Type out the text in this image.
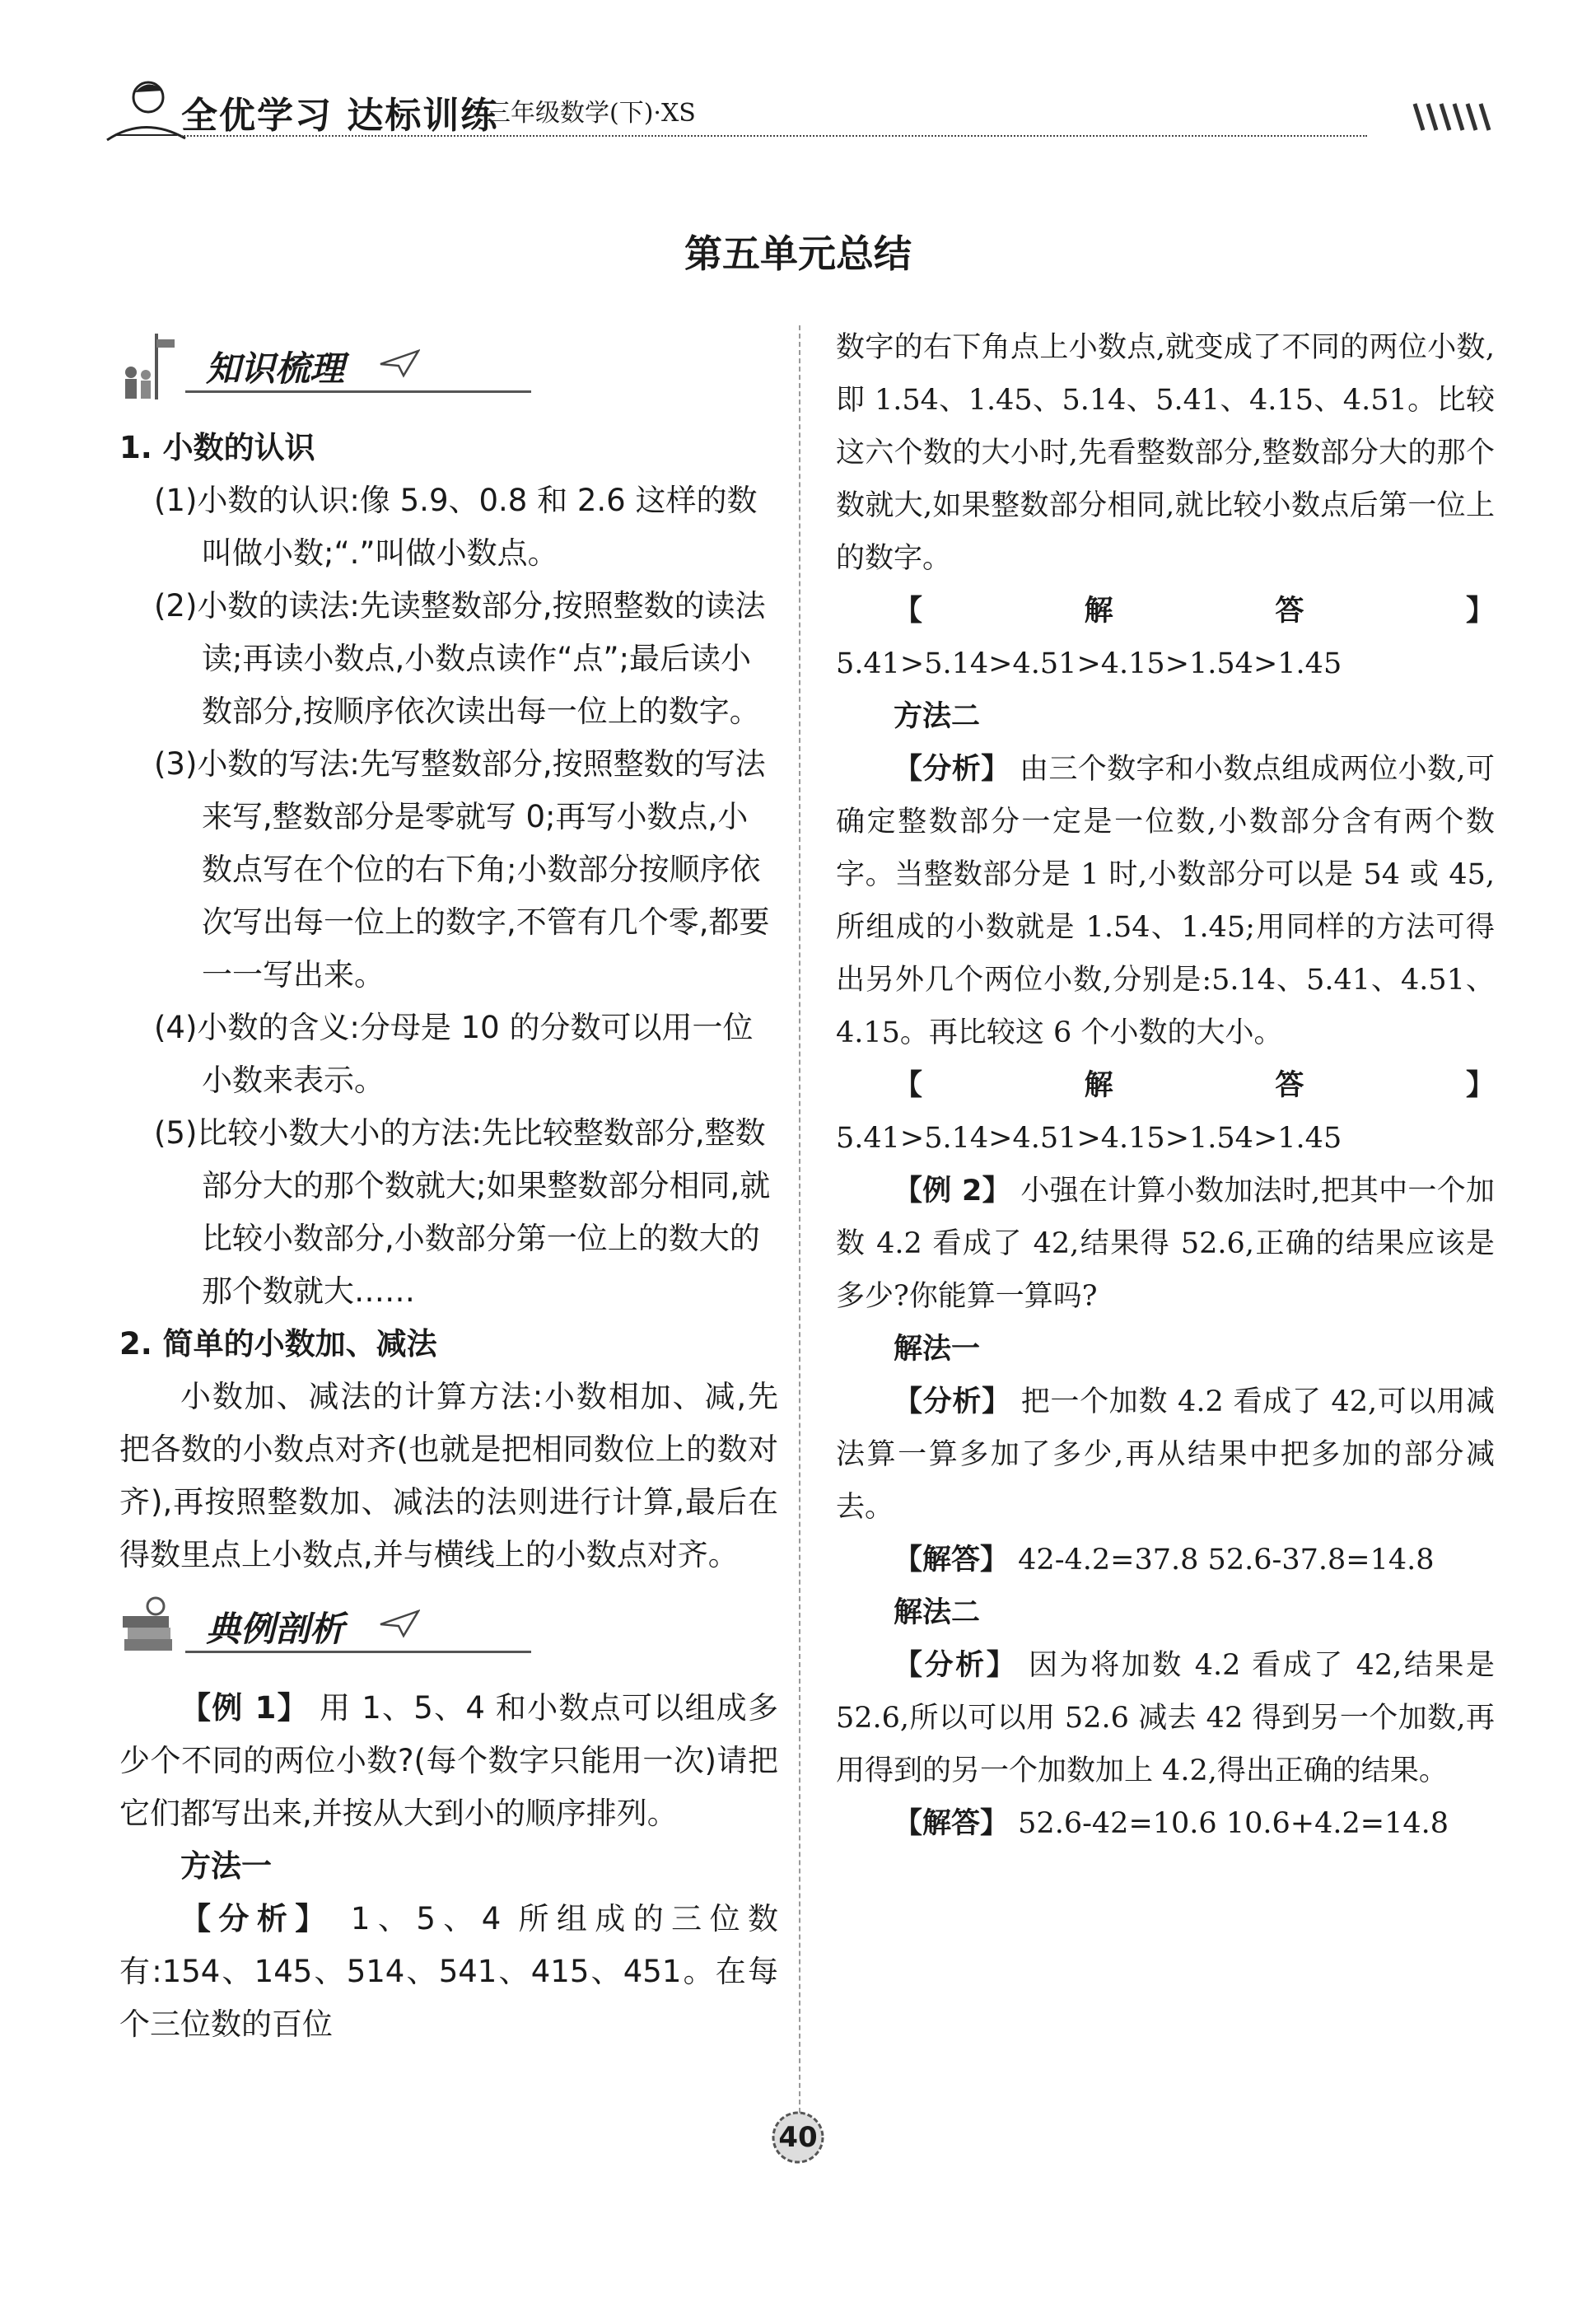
全优学习 达标训练
三年级数学(下)·XS
第五单元总结
知识梳理

1. 小数的认识

(1)小数的认识:像 5.9、0.8 和 2.6 这样的数叫做小数;“.”叫做小数点。

(2)小数的读法:先读整数部分,按照整数的读法读;再读小数点,小数点读作“点”;最后读小数部分,按顺序依次读出每一位上的数字。

(3)小数的写法:先写整数部分,按照整数的写法来写,整数部分是零就写 0;再写小数点,小数点写在个位的右下角;小数部分按顺序依次写出每一位上的数字,不管有几个零,都要一一写出来。

(4)小数的含义:分母是 10 的分数可以用一位小数来表示。

(5)比较小数大小的方法:先比较整数部分,整数部分大的那个数就大;如果整数部分相同,就比较小数部分,小数部分第一位上的数大的那个数就大……

2. 简单的小数加、减法

小数加、减法的计算方法:小数相加、减,先把各数的小数点对齐(也就是把相同数位上的数对齐),再按照整数加、减法的法则进行计算,最后在得数里点上小数点,并与横线上的小数点对齐。

典例剖析

【例 1】 用 1、5、4 和小数点可以组成多少个不同的两位小数?(每个数字只能用一次)请把它们都写出来,并按从大到小的顺序排列。

方法一

【分析】 1、5、4 所组成的三位数有:154、145、514、541、415、451。在每个三位数的百位

数字的右下角点上小数点,就变成了不同的两位小数,即 1.54、1.45、5.14、5.41、4.15、4.51。比较这六个数的大小时,先看整数部分,整数部分大的那个数就大,如果整数部分相同,就比较小数点后第一位上的数字。

【解答】 5.41>5.14>4.51>4.15>1.54>1.45

方法二

【分析】 由三个数字和小数点组成两位小数,可确定整数部分一定是一位数,小数部分含有两个数字。当整数部分是 1 时,小数部分可以是 54 或 45,所组成的小数就是 1.54、1.45;用同样的方法可得出另外几个两位小数,分别是:5.14、5.41、4.51、4.15。再比较这 6 个小数的大小。

【解答】 5.41>5.14>4.51>4.15>1.54>1.45

【例 2】 小强在计算小数加法时,把其中一个加数 4.2 看成了 42,结果得 52.6,正确的结果应该是多少?你能算一算吗?

解法一

【分析】 把一个加数 4.2 看成了 42,可以用减法算一算多加了多少,再从结果中把多加的部分减去。

【解答】 42-4.2=37.8 52.6-37.8=14.8

解法二

【分析】 因为将加数 4.2 看成了 42,结果是 52.6,所以可以用 52.6 减去 42 得到另一个加数,再用得到的另一个加数加上 4.2,得出正确的结果。

【解答】 52.6-42=10.6 10.6+4.2=14.8

40
